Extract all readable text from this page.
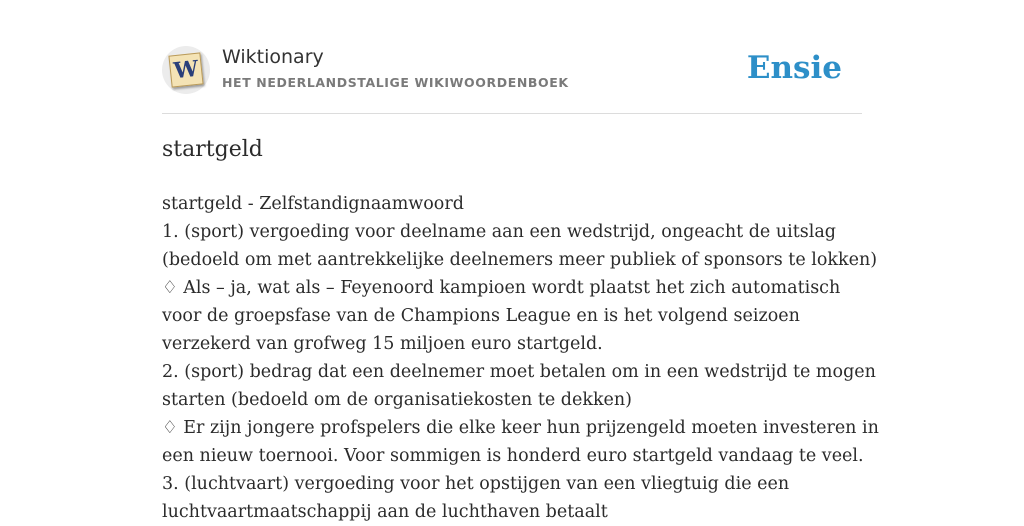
W Wiktionary
HET NEDERLANDSTALIGE WIKIWOORDENBOEK	Ensie
startgeld
startgeld - Zelfstandignaamwoord
1. (sport) vergoeding voor deelname aan een wedstrijd, ongeacht de uitslag
(bedoeld om met aantrekkelijke deelnemers meer publiek of sponsors te lokken)
♢ Als – ja, wat als – Feyenoord kampioen wordt plaatst het zich automatisch
voor de groepsfase van de Champions League en is het volgend seizoen
verzekerd van grofweg 15 miljoen euro startgeld.
2. (sport) bedrag dat een deelnemer moet betalen om in een wedstrijd te mogen
starten (bedoeld om de organisatiekosten te dekken)
♢ Er zijn jongere profspelers die elke keer hun prijzengeld moeten investeren in
een nieuw toernooi. Voor sommigen is honderd euro startgeld vandaag te veel.
3. (luchtvaart) vergoeding voor het opstijgen van een vliegtuig die een
luchtvaartmaatschappij aan de luchthaven betaalt
